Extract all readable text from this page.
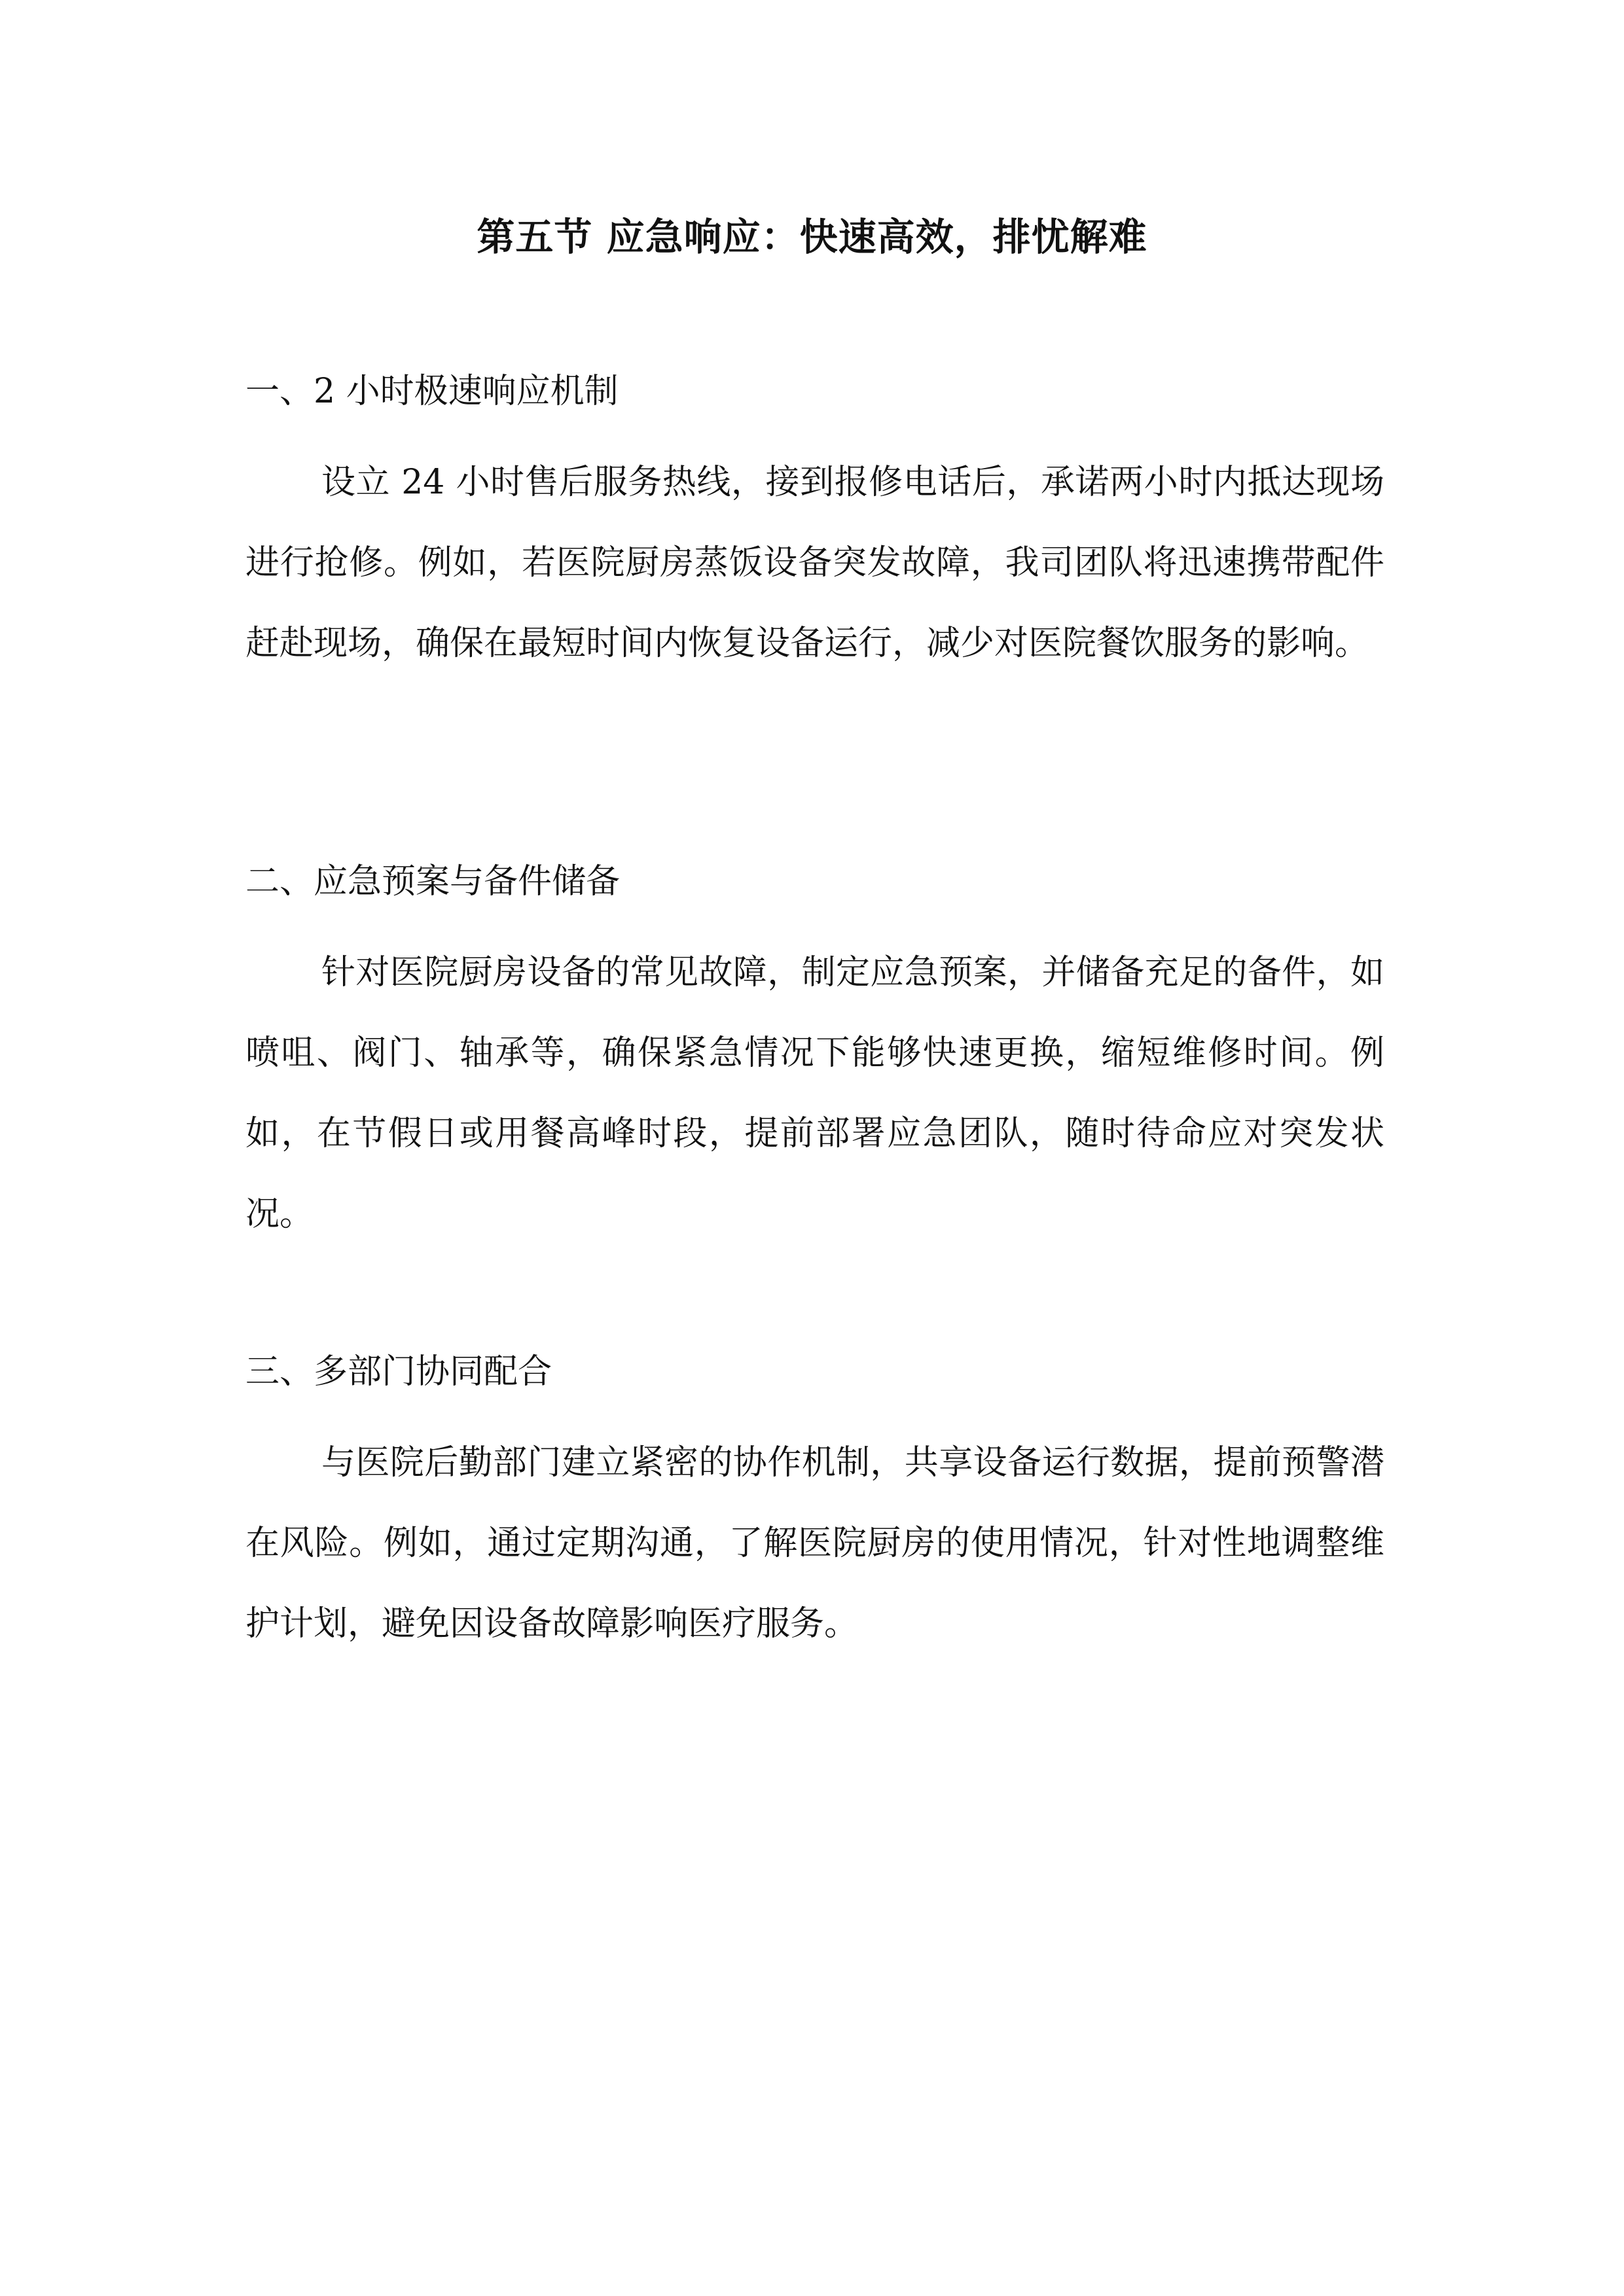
第五节 应急响应：快速高效，排忧解难
一、2 小时极速响应机制

设立 24 小时售后服务热线，接到报修电话后，承诺两小时内抵达现场进行抢修。例如，若医院厨房蒸饭设备突发故障，我司团队将迅速携带配件赶赴现场，确保在最短时间内恢复设备运行，减少对医院餐饮服务的影响。

二、应急预案与备件储备

针对医院厨房设备的常见故障，制定应急预案，并储备充足的备件，如喷咀、阀门、轴承等，确保紧急情况下能够快速更换，缩短维修时间。例如，在节假日或用餐高峰时段，提前部署应急团队，随时待命应对突发状况。

三、多部门协同配合

与医院后勤部门建立紧密的协作机制，共享设备运行数据，提前预警潜在风险。例如，通过定期沟通，了解医院厨房的使用情况，针对性地调整维护计划，避免因设备故障影响医疗服务。
